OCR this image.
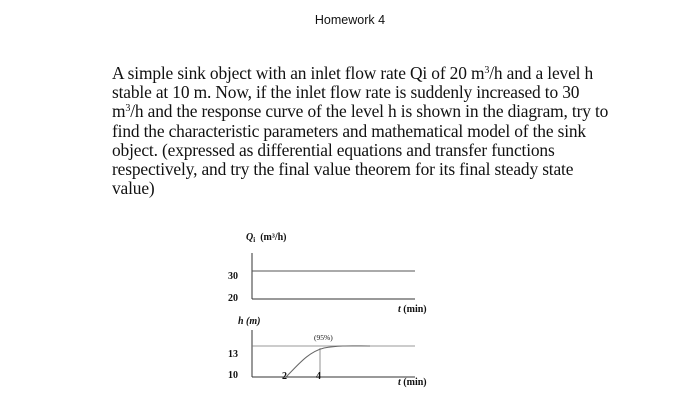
Homework 4

A simple sink object with an inlet flow rate Qi of 20 $m^3/h$ and a level h stable at 10 m. Now, if the inlet flow rate is suddenly increased to 30 $m^3/h$ and the response curve of the level h is shown in the diagram, try to find the characteristic parameters and mathematical model of the sink object. (expressed as differential equations and transfer functions respectively, and try the final value theorem for its final steady state value)

$Q_i$ (m³/h)
30
20
t (min)
h (m)
13
10	2	4
(95%)
t (min)
